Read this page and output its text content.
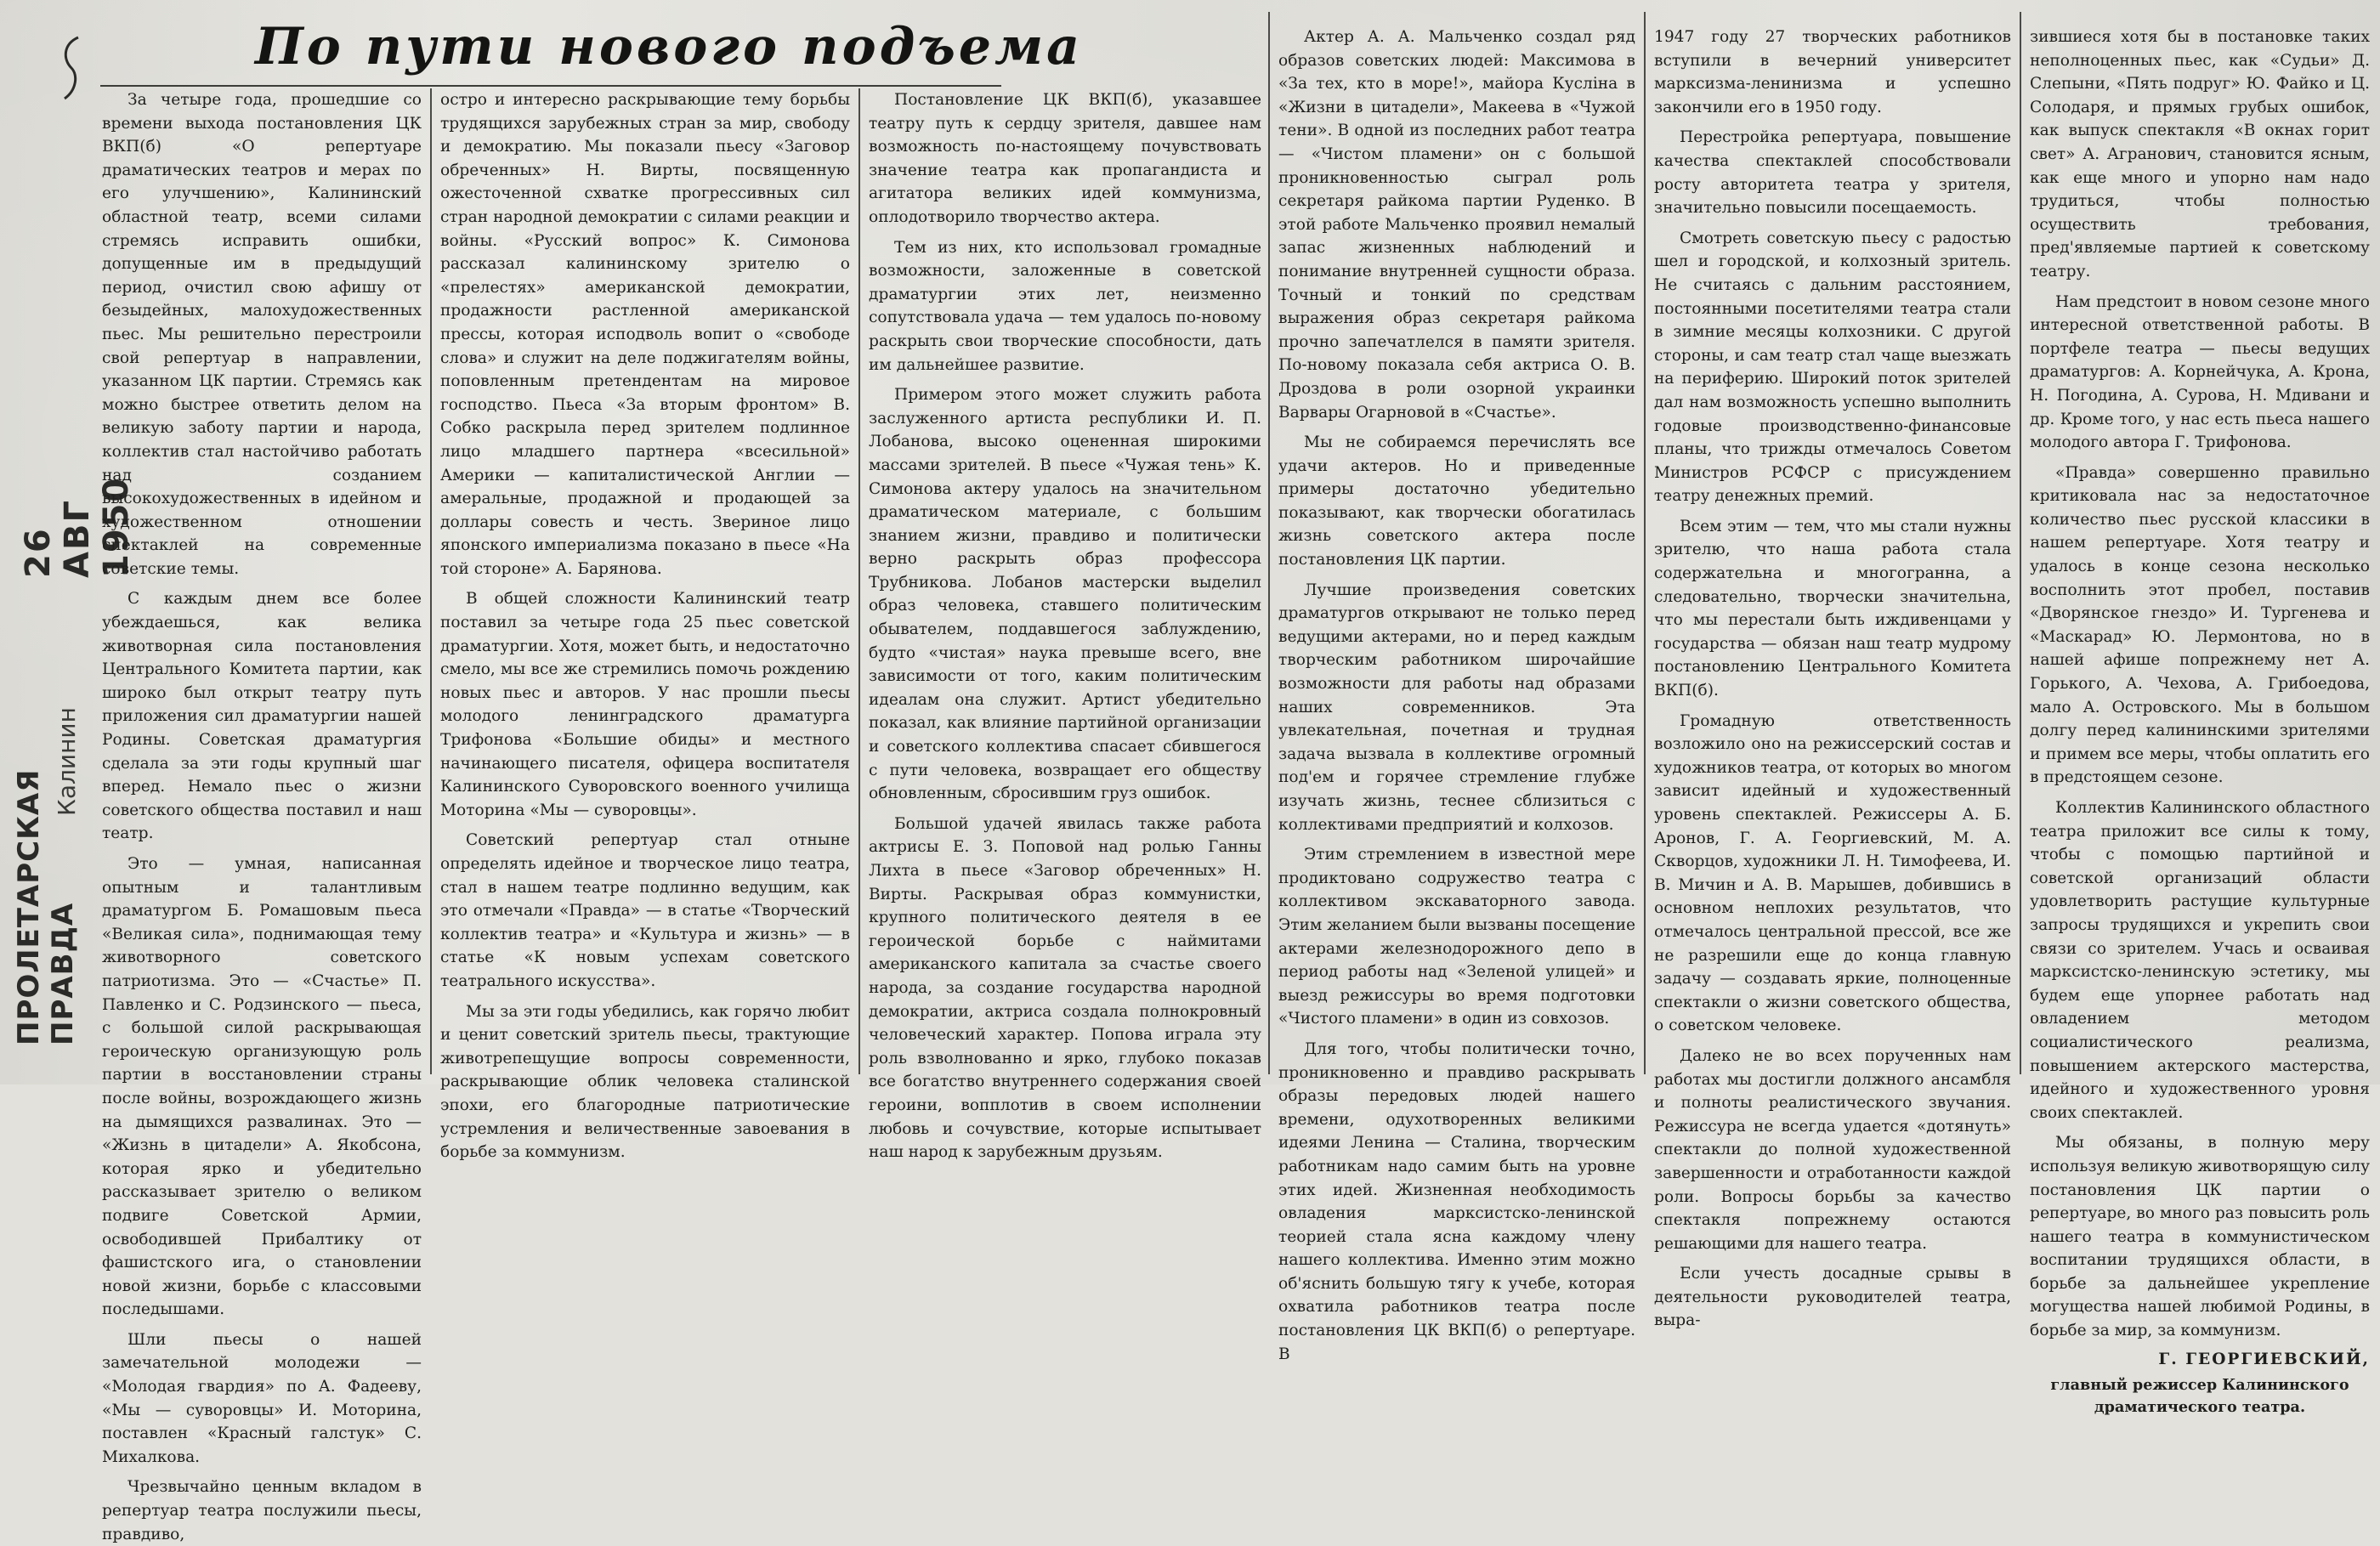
26 АВГ 1950
Калинин
ПРОЛЕТАРСКАЯ ПРАВДА
По пути нового подъема

За четыре года, прошедшие со времени выхода постановления ЦК ВКП(б) «О репертуаре драматических театров и мерах по его улучшению», Калининский областной театр, всеми силами стремясь исправить ошибки, допущенные им в предыдущий период, очистил свою афишу от безыдейных, малохудожественных пьес. Мы решительно перестроили свой репертуар в направлении, указанном ЦК партии. Стремясь как можно быстрее ответить делом на великую заботу партии и народа, коллектив стал настойчиво работать над созданием высокохудожественных в идейном и художественном отношении спектаклей на современные советские темы.

С каждым днем все более убеждаешься, как велика животворная сила постановления Центрального Комитета партии, как широко был открыт театру путь приложения сил драматургии нашей Родины. Советская драматургия сделала за эти годы крупный шаг вперед. Немало пьес о жизни советского общества поставил и наш театр.

Это — умная, написанная опытным и талантливым драматургом Б. Ромашовым пьеса «Великая сила», поднимающая тему животворного советского патриотизма. Это — «Счастье» П. Павленко и С. Родзинского — пьеса, с большой силой раскрывающая героическую организующую роль партии в восстановлении страны после войны, возрождающего жизнь на дымящихся развалинах. Это — «Жизнь в цитадели» А. Якобсона, которая ярко и убедительно рассказывает зрителю о великом подвиге Советской Армии, освободившей Прибалтику от фашистского ига, о становлении новой жизни, борьбе с классовыми последышами.

Шли пьесы о нашей замечательной молодежи — «Молодая гвардия» по А. Фадееву, «Мы — суворовцы» И. Моторина, поставлен «Красный галстук» С. Михалкова.

Чрезвычайно ценным вкладом в репертуар театра послужили пьесы, правдиво,

остро и интересно раскрывающие тему борьбы трудящихся зарубежных стран за мир, свободу и демократию. Мы показали пьесу «Заговор обреченных» Н. Вирты, посвященную ожесточенной схватке прогрессивных сил стран народной демократии с силами реакции и войны. «Русский вопрос» К. Симонова рассказал калининскому зрителю о «прелестях» американской демократии, продажности растленной американской прессы, которая исподволь вопит о «свободе слова» и служит на деле поджигателям войны, поповленным претендентам на мировое господство. Пьеса «За вторым фронтом» В. Собко раскрыла перед зрителем подлинное лицо младшего партнера «всесильной» Америки — капиталистической Англии — амеральные, продажной и продающей за доллары совесть и честь. Звериное лицо японского империализма показано в пьесе «На той стороне» А. Барянова.

В общей сложности Калининский театр поставил за четыре года 25 пьес советской драматургии. Хотя, может быть, и недостаточно смело, мы все же стремились помочь рождению новых пьес и авторов. У нас прошли пьесы молодого ленинградского драматурга Трифонова «Большие обиды» и местного начинающего писателя, офицера воспитателя Калининского Суворовского военного училища Моторина «Мы — суворовцы».

Советский репертуар стал отныне определять идейное и творческое лицо театра, стал в нашем театре подлинно ведущим, как это отмечали «Правда» — в статье «Творческий коллектив театра» и «Культура и жизнь» — в статье «К новым успехам советского театрального искусства».

Мы за эти годы убедились, как горячо любит и ценит советский зритель пьесы, трактующие животрепещущие вопросы современности, раскрывающие облик человека сталинской эпохи, его благородные патриотические устремления и величественные завоевания в борьбе за коммунизм.

Постановление ЦК ВКП(б), указавшее театру путь к сердцу зрителя, давшее нам возможность по-настоящему почувствовать значение театра как пропагандиста и агитатора великих идей коммунизма, оплодотворило творчество актера.

Тем из них, кто использовал громадные возможности, заложенные в советской драматургии этих лет, неизменно сопутствовала удача — тем удалось по-новому раскрыть свои творческие способности, дать им дальнейшее развитие.

Примером этого может служить работа заслуженного артиста республики И. П. Лобанова, высоко оцененная широкими массами зрителей. В пьесе «Чужая тень» К. Симонова актеру удалось на значительном драматическом материале, с большим знанием жизни, правдиво и политически верно раскрыть образ профессора Трубникова. Лобанов мастерски выделил образ человека, ставшего политическим обывателем, поддавшегося заблуждению, будто «чистая» наука превыше всего, вне зависимости от того, каким политическим идеалам она служит. Артист убедительно показал, как влияние партийной организации и советского коллектива спасает сбившегося с пути человека, возвращает его обществу обновленным, сбросившим груз ошибок.

Большой удачей явилась также работа актрисы Е. З. Поповой над ролью Ганны Лихта в пьесе «Заговор обреченных» Н. Вирты. Раскрывая образ коммунистки, крупного политического деятеля в ее героической борьбе с наймитами американского капитала за счастье своего народа, за создание государства народной демократии, актриса создала полнокровный человеческий характер. Попова играла эту роль взволнованно и ярко, глубоко показав все богатство внутреннего содержания своей героини, вопплотив в своем исполнении любовь и сочувствие, которые испытывает наш народ к зарубежным друзьям.

Актер А. А. Мальченко создал ряд образов советских людей: Максимова в «За тех, кто в море!», майора Кусліна в «Жизни в цитадели», Макеева в «Чужой тени». В одной из последних работ театра — «Чистом пламени» он с большой проникновенностью сыграл роль секретаря райкома партии Руденко. В этой работе Мальченко проявил немалый запас жизненных наблюдений и понимание внутренней сущности образа. Точный и тонкий по средствам выражения образ секретаря райкома прочно запечатлелся в памяти зрителя. По-новому показала себя актриса О. В. Дроздова в роли озорной украинки Варвары Огарновой в «Счастье».

Мы не собираемся перечислять все удачи актеров. Но и приведенные примеры достаточно убедительно показывают, как творчески обогатилась жизнь советского актера после постановления ЦК партии.

Лучшие произведения советских драматургов открывают не только перед ведущими актерами, но и перед каждым творческим работником широчайшие возможности для работы над образами наших современников. Эта увлекательная, почетная и трудная задача вызвала в коллективе огромный под'ем и горячее стремление глубже изучать жизнь, теснее сблизиться с коллективами предприятий и колхозов.

Этим стремлением в известной мере продиктовано содружество театра с коллективом экскаваторного завода. Этим желанием были вызваны посещение актерами железнодорожного депо в период работы над «Зеленой улицей» и выезд режиссуры во время подготовки «Чистого пламени» в один из совхозов.

Для того, чтобы политически точно, проникновенно и правдиво раскрывать образы передовых людей нашего времени, одухотворенных великими идеями Ленина — Сталина, творческим работникам надо самим быть на уровне этих идей. Жизненная необходимость овладения марксистско-ленинской теорией стала ясна каждому члену нашего коллектива. Именно этим можно об'яснить большую тягу к учебе, которая охватила работников театра после постановления ЦК ВКП(б) о репертуаре. В

1947 году 27 творческих работников вступили в вечерний университет марксизма-ленинизма и успешно закончили его в 1950 году.

Перестройка репертуара, повышение качества спектаклей способствовали росту авторитета театра у зрителя, значительно повысили посещаемость.

Смотреть советскую пьесу с радостью шел и городской, и колхозный зритель. Не считаясь с дальним расстоянием, постоянными посетителями театра стали в зимние месяцы колхозники. С другой стороны, и сам театр стал чаще выезжать на периферию. Широкий поток зрителей дал нам возможность успешно выполнить годовые производственно-финансовые планы, что трижды отмечалось Советом Министров РСФСР с присуждением театру денежных премий.

Всем этим — тем, что мы стали нужны зрителю, что наша работа стала содержательна и многогранна, а следовательно, творчески значительна, что мы перестали быть иждивенцами у государства — обязан наш театр мудрому постановлению Центрального Комитета ВКП(б).

Громадную ответственность возложило оно на режиссерский состав и художников театра, от которых во многом зависит идейный и художественный уровень спектаклей. Режиссеры А. Б. Аронов, Г. А. Георгиевский, М. А. Скворцов, художники Л. Н. Тимофеева, И. В. Мичин и А. В. Марышев, добившись в основном неплохих результатов, что отмечалось центральной прессой, все же не разрешили еще до конца главную задачу — создавать яркие, полноценные спектакли о жизни советского общества, о советском человеке.

Далеко не во всех порученных нам работах мы достигли должного ансамбля и полноты реалистического звучания. Режиссура не всегда удается «дотянуть» спектакли до полной художественной завершенности и отработанности каждой роли. Вопросы борьбы за качество спектакля попрежнему остаются решающими для нашего театра.

Если учесть досадные срывы в деятельности руководителей театра, выра-

зившиеся хотя бы в постановке таких неполноценных пьес, как «Судьи» Д. Слепыни, «Пять подруг» Ю. Файко и Ц. Солодаря, и прямых грубых ошибок, как выпуск спектакля «В окнах горит свет» А. Агранович, становится ясным, как еще много и упорно нам надо трудиться, чтобы полностью осуществить требования, пред'являемые партией к советскому театру.

Нам предстоит в новом сезоне много интересной ответственной работы. В портфеле театра — пьесы ведущих драматургов: А. Корнейчука, А. Крона, Н. Погодина, А. Сурова, Н. Мдивани и др. Кроме того, у нас есть пьеса нашего молодого автора Г. Трифонова.

«Правда» совершенно правильно критиковала нас за недостаточное количество пьес русской классики в нашем репертуаре. Хотя театру и удалось в конце сезона несколько восполнить этот пробел, поставив «Дворянское гнездо» И. Тургенева и «Маскарад» Ю. Лермонтова, но в нашей афише попрежнему нет А. Горького, А. Чехова, А. Грибоедова, мало А. Островского. Мы в большом долгу перед калининскими зрителями и примем все меры, чтобы оплатить его в предстоящем сезоне.

Коллектив Калининского областного театра приложит все силы к тому, чтобы с помощью партийной и советской организаций области удовлетворить растущие культурные запросы трудящихся и укрепить свои связи со зрителем. Учась и осваивая марксистско-ленинскую эстетику, мы будем еще упорнее работать над овладением методом социалистического реализма, повышением актерского мастерства, идейного и художественного уровня своих спектаклей.

Мы обязаны, в полную меру используя великую животворящую силу постановления ЦК партии о репертуаре, во много раз повысить роль нашего театра в коммунистическом воспитании трудящихся области, в борьбе за дальнейшее укрепление могущества нашей любимой Родины, в борьбе за мир, за коммунизм.

Г. ГЕОРГИЕВСКИЙ,
главный режиссер Калининского драматического театра.
